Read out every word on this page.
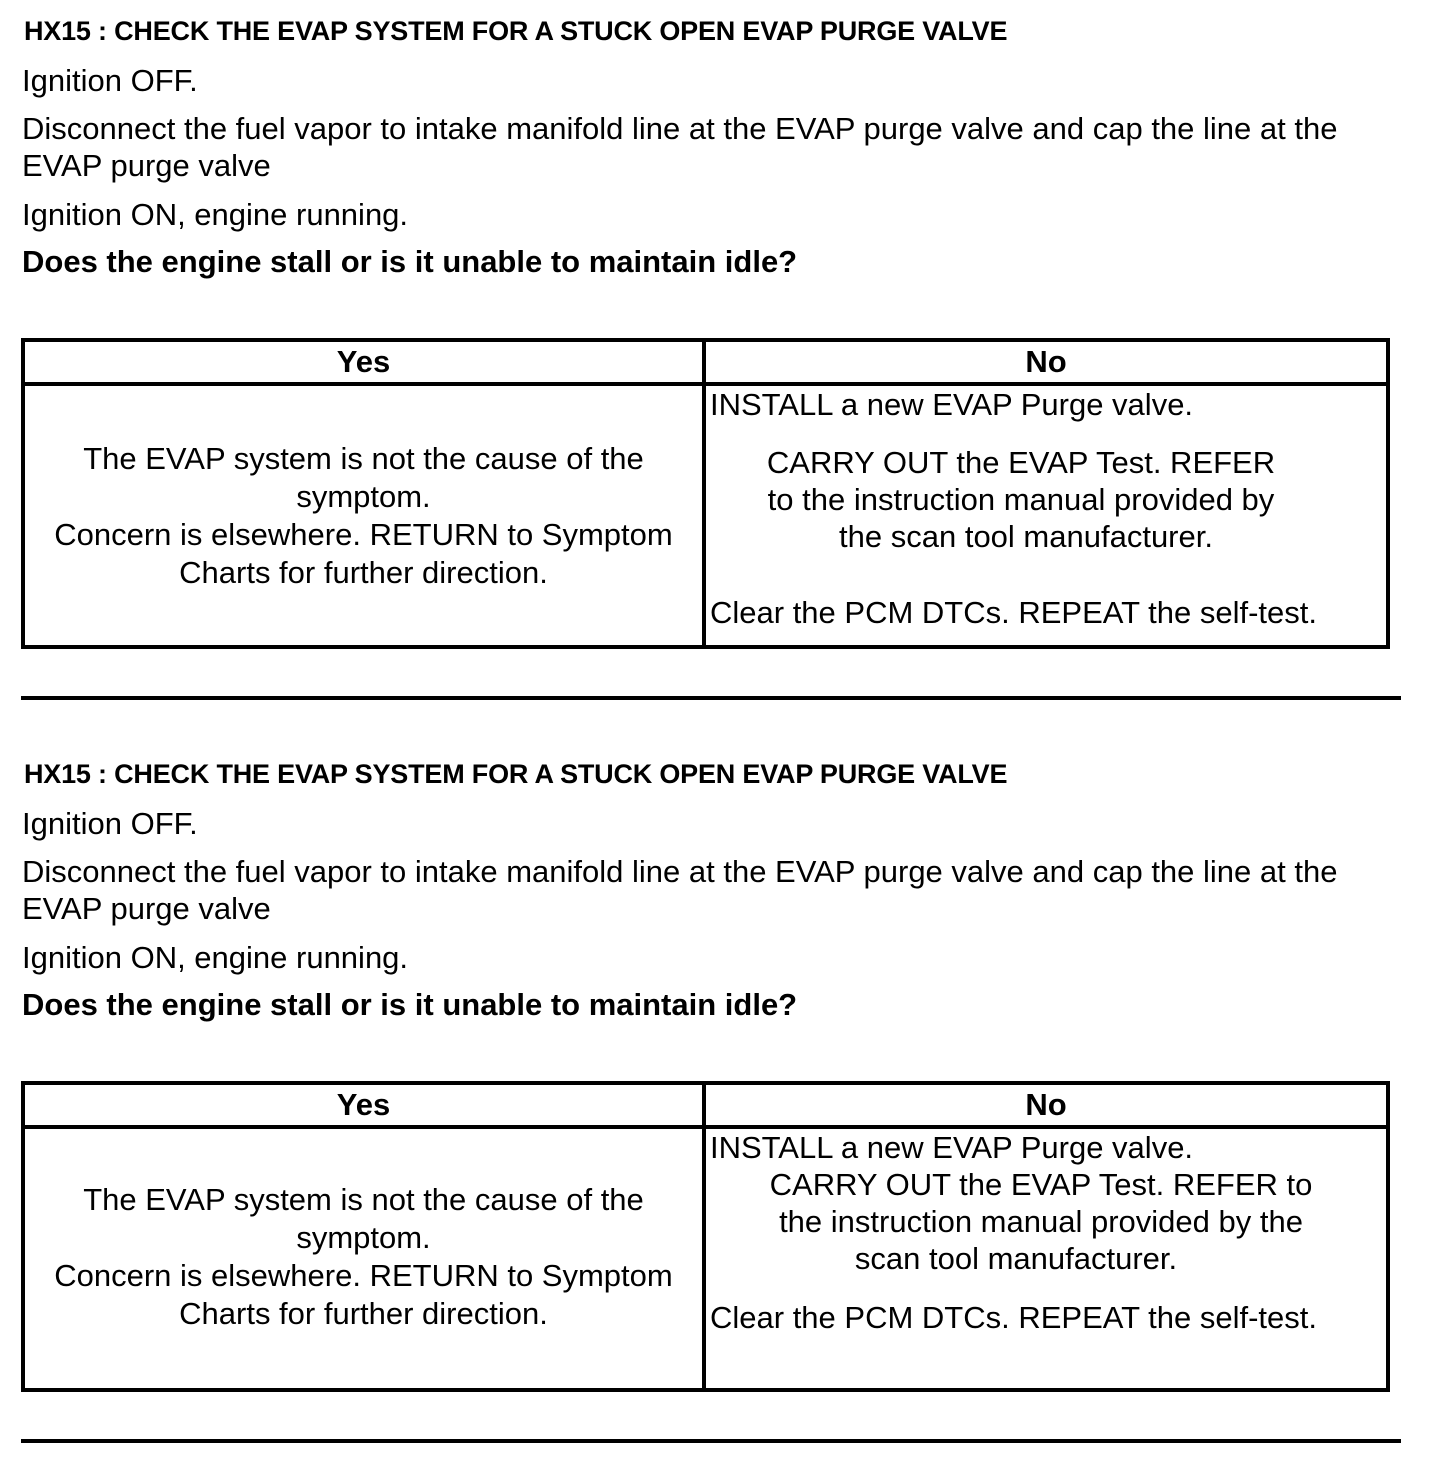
HX15 : CHECK THE EVAP SYSTEM FOR A STUCK OPEN EVAP PURGE VALVE
Ignition OFF.
Disconnect the fuel vapor to intake manifold line at the EVAP purge valve and cap the line at the EVAP purge valve
Ignition ON, engine running.
Does the engine stall or is it unable to maintain idle?
Yes	No
The EVAP system is not the cause of the symptom.
Concern is elsewhere. RETURN to Symptom Charts for further direction.
INSTALL a new EVAP Purge valve.
CARRY OUT the EVAP Test. REFER
to the instruction manual provided by
the scan tool manufacturer.
Clear the PCM DTCs. REPEAT the self-test.
HX15 : CHECK THE EVAP SYSTEM FOR A STUCK OPEN EVAP PURGE VALVE
Ignition OFF.
Disconnect the fuel vapor to intake manifold line at the EVAP purge valve and cap the line at the EVAP purge valve
Ignition ON, engine running.
Does the engine stall or is it unable to maintain idle?
Yes	No
The EVAP system is not the cause of the symptom.
Concern is elsewhere. RETURN to Symptom Charts for further direction.
INSTALL a new EVAP Purge valve.
CARRY OUT the EVAP Test. REFER to
the instruction manual provided by the
scan tool manufacturer.
Clear the PCM DTCs. REPEAT the self-test.
